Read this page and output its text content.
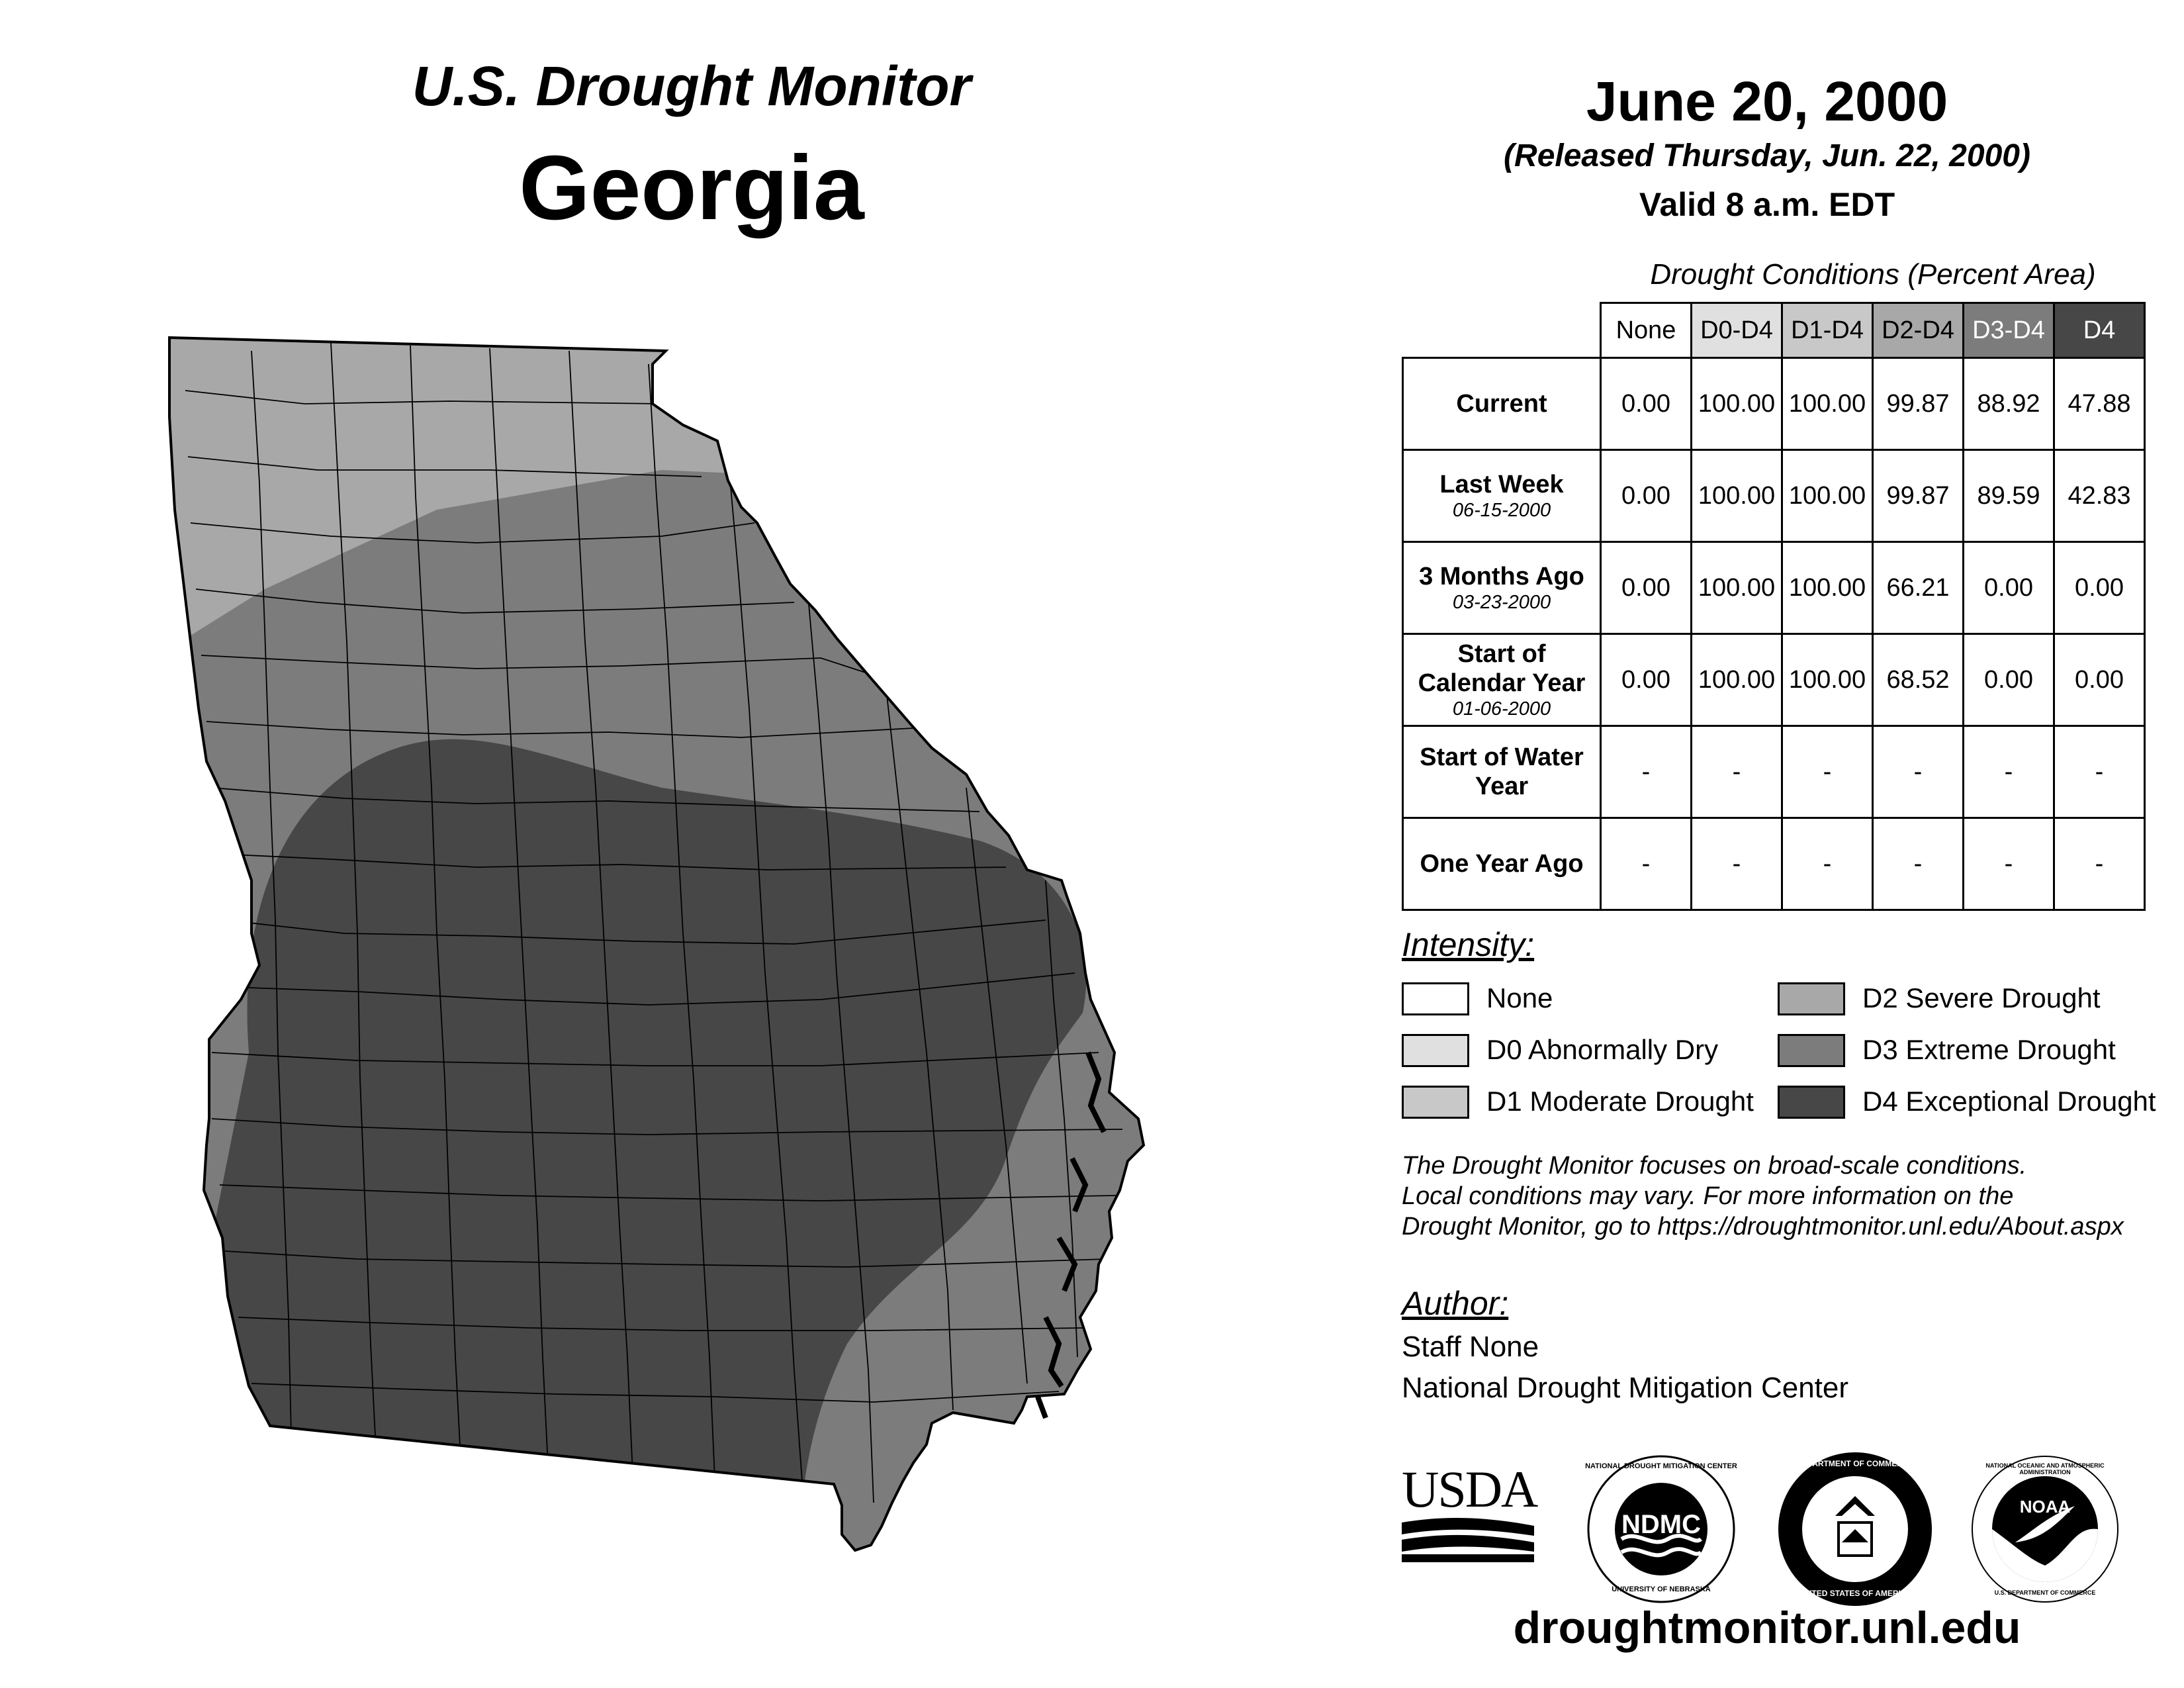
U.S. Drought Monitor
Georgia
June 20, 2000
(Released Thursday, Jun. 22, 2000)
Valid 8 a.m. EDT
Drought Conditions (Percent Area)
	None	D0-D4	D1-D4	D2-D4	D3-D4	D4
Current	0.00	100.00	100.00	99.87	88.92	47.88
Last Week
06-15-2000	0.00	100.00	100.00	99.87	89.59	42.83
3 Months Ago
03-23-2000	0.00	100.00	100.00	66.21	0.00	0.00
Start of Calendar Year
01-06-2000	0.00	100.00	100.00	68.52	0.00	0.00
Start of Water Year	-	-	-	-	-	-
One Year Ago	-	-	-	-	-	-
Intensity:
None
D0 Abnormally Dry
D1 Moderate Drought
D2 Severe Drought
D3 Extreme Drought
D4 Exceptional Drought
The Drought Monitor focuses on broad-scale conditions.
Local conditions may vary. For more information on the
Drought Monitor, go to https://droughtmonitor.unl.edu/About.aspx
Author:
Staff None
National Drought Mitigation Center
USDA
NDMC
NATIONAL DROUGHT MITIGATION CENTER
UNIVERSITY OF NEBRASKA
DEPARTMENT OF COMMERCE
UNITED STATES OF AMERICA
NOAA
NATIONAL OCEANIC AND ATMOSPHERIC ADMINISTRATION
U.S. DEPARTMENT OF COMMERCE
droughtmonitor.unl.edu
